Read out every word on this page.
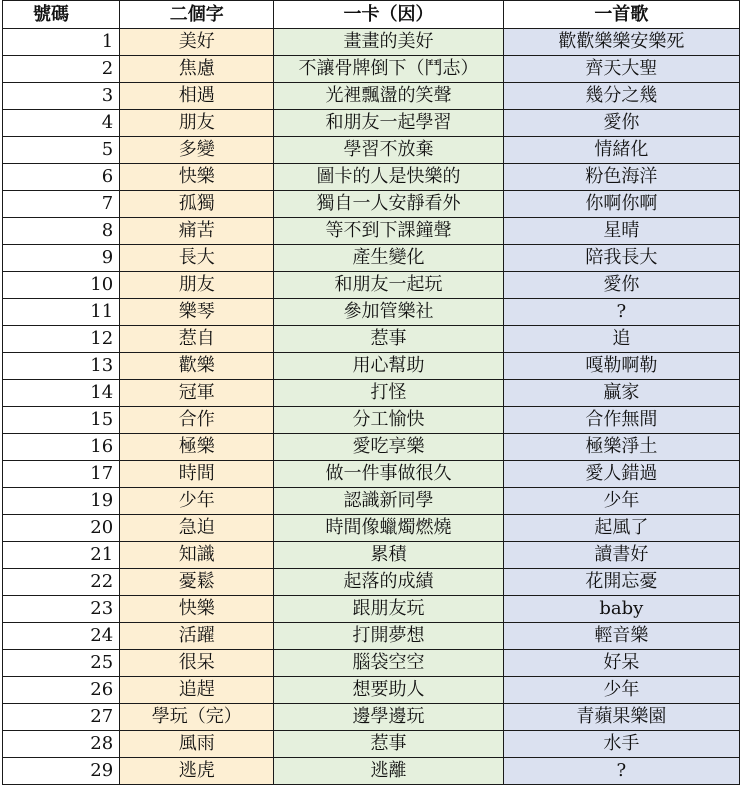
號碼	二個字	一卡（因）	一首歌
1	美好	畫畫的美好	歡歡樂樂安樂死
2	焦慮	不讓骨牌倒下（鬥志）	齊天大聖
3	相遇	光裡飄盪的笑聲	幾分之幾
4	朋友	和朋友一起學習	愛你
5	多變	學習不放棄	情緒化
6	快樂	圖卡的人是快樂的	粉色海洋
7	孤獨	獨自一人安靜看外	你啊你啊
8	痛苦	等不到下課鐘聲	星晴
9	長大	產生變化	陪我長大
10	朋友	和朋友一起玩	愛你
11	樂琴	參加管樂社	?
12	惹自	惹事	追
13	歡樂	用心幫助	嘎勒啊勒
14	冠軍	打怪	贏家
15	合作	分工愉快	合作無間
16	極樂	愛吃享樂	極樂淨土
17	時間	做一件事做很久	愛人錯過
19	少年	認識新同學	少年
20	急迫	時間像蠟燭燃燒	起風了
21	知識	累積	讀書好
22	憂鬆	起落的成績	花開忘憂
23	快樂	跟朋友玩	baby
24	活躍	打開夢想	輕音樂
25	很呆	腦袋空空	好呆
26	追趕	想要助人	少年
27	學玩（完）	邊學邊玩	青蘋果樂園
28	風雨	惹事	水手
29	逃虎	逃離	?
